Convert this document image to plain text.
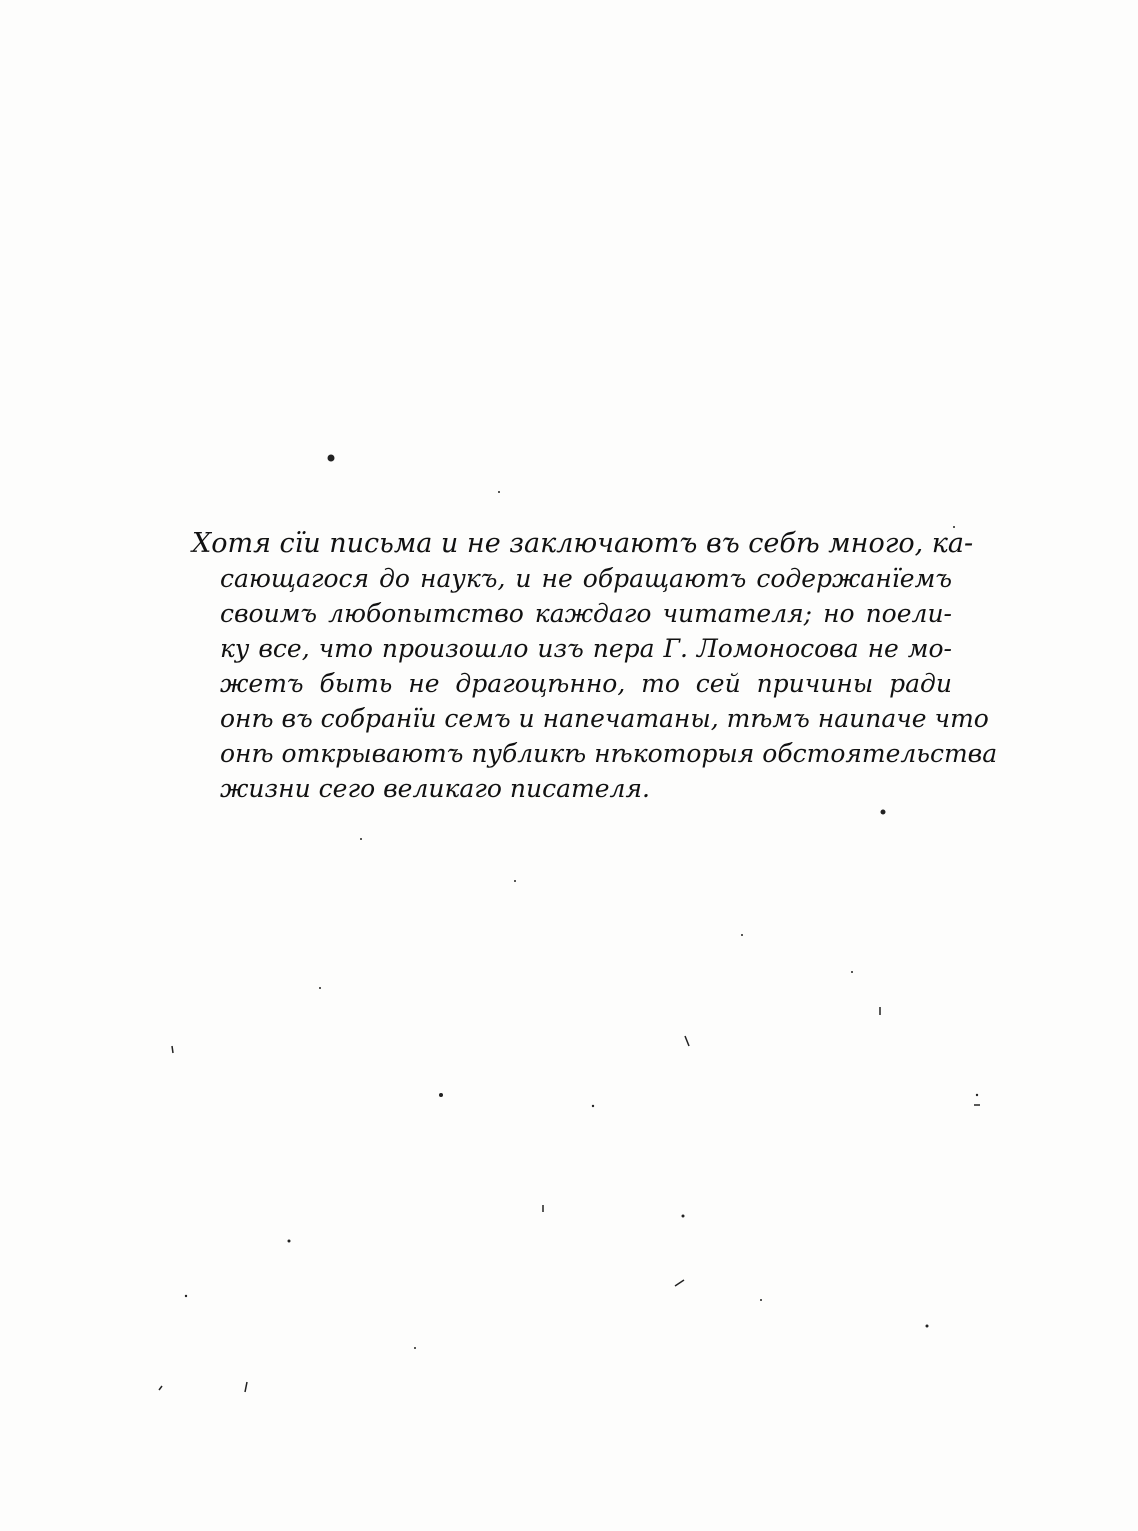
Хотя сïи письма и не заключаютъ въ себѣ много, ка-
сающагося до наукъ, и не обращаютъ содержанïемъ
своимъ любопытство каждаго читателя; но поели-
ку все, что произошло изъ пера Г. Ломоносова не мо-
жетъ быть не драгоцѣнно, то сей причины ради
онѣ въ собранïи семъ и напечатаны, тѣмъ наипаче что
онѣ открываютъ публикѣ нѣкоторыя обстоятельства
жизни сего великаго писателя.
